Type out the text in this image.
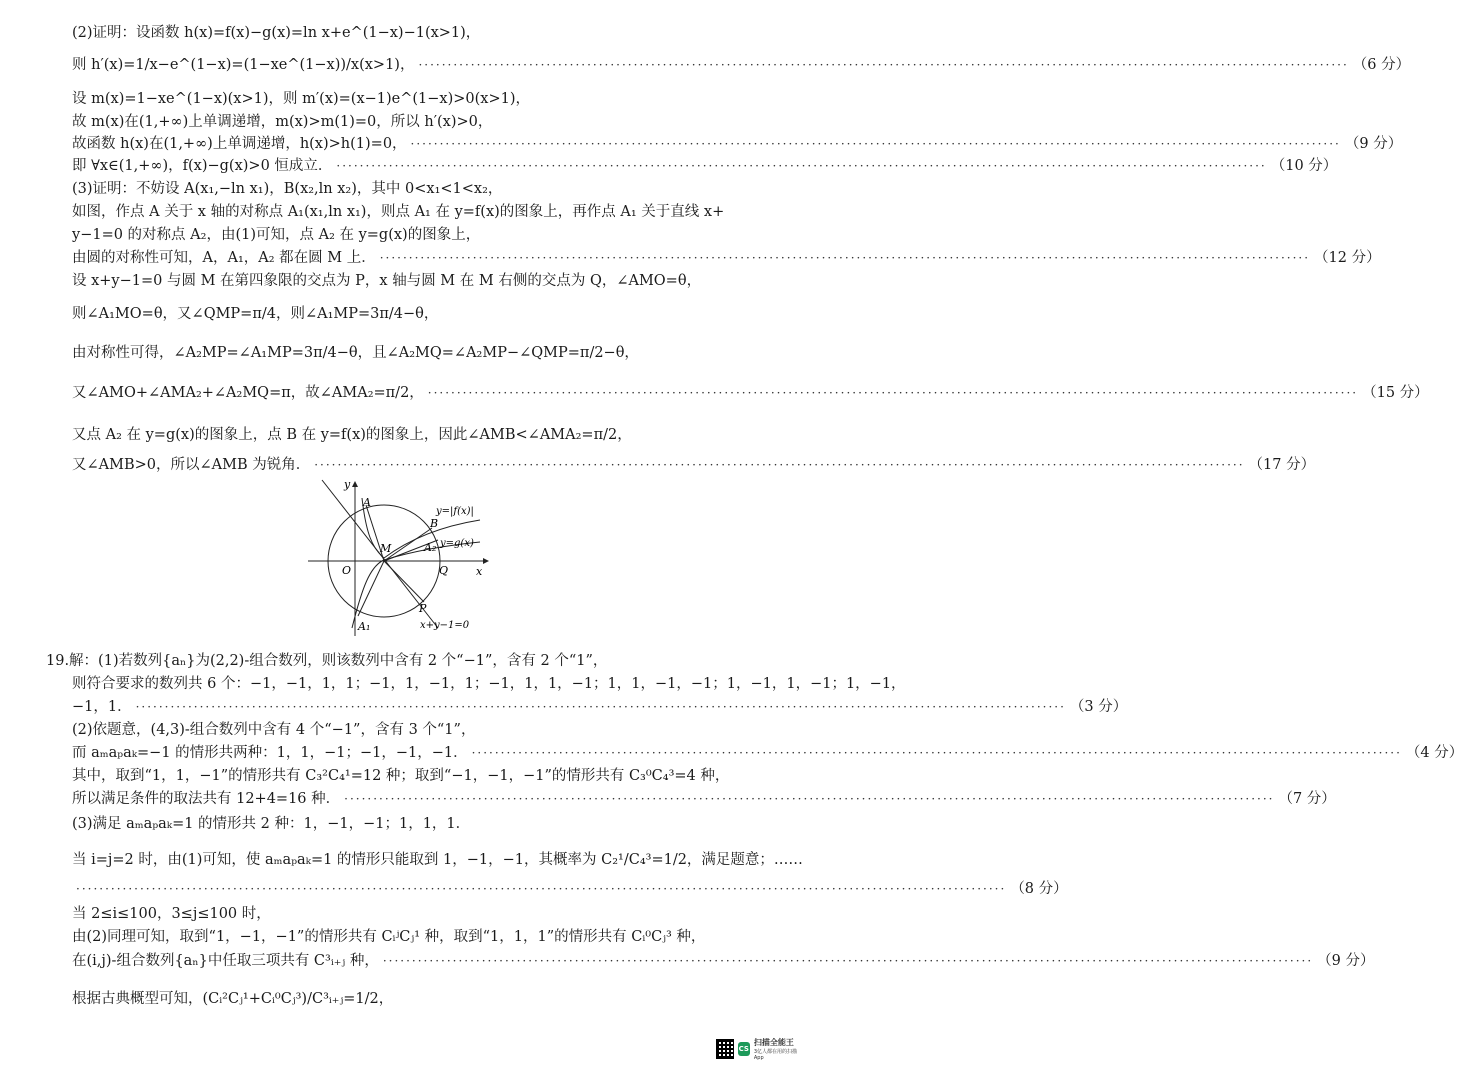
(2)证明：设函数 h(x)=f(x)−g(x)=ln x+e^(1−x)−1(x>1)，
则 h′(x)=1/x−e^(1−x)=(1−xe^(1−x))/x(x>1)， ·····	（6 分）
设 m(x)=1−xe^(1−x)(x>1)，则 m′(x)=(x−1)e^(1−x)>0(x>1)，
故 m(x)在(1,+∞)上单调递增，m(x)>m(1)=0，所以 h′(x)>0，
故函数 h(x)在(1,+∞)上单调递增，h(x)>h(1)=0， ·····	（9 分）
即 ∀x∈(1,+∞)，f(x)−g(x)>0 恒成立． ·····	（10 分）
(3)证明：不妨设 A(x₁,−ln x₁)，B(x₂,ln x₂)，其中 0<x₁<1<x₂，
如图，作点 A 关于 x 轴的对称点 A₁(x₁,ln x₁)，则点 A₁ 在 y=f(x)的图象上，再作点 A₁ 关于直线 x+
y−1=0 的对称点 A₂，由(1)可知，点 A₂ 在 y=g(x)的图象上，
由圆的对称性可知，A，A₁，A₂ 都在圆 M 上． ·····	（12 分）
设 x+y−1=0 与圆 M 在第四象限的交点为 P，x 轴与圆 M 在 M 右侧的交点为 Q，∠AMO=θ，
则∠A₁MO=θ，又∠QMP=π/4，则∠A₁MP=3π/4−θ，
由对称性可得，∠A₂MP=∠A₁MP=3π/4−θ，且∠A₂MQ=∠A₂MP−∠QMP=π/2−θ，
又∠AMO+∠AMA₂+∠A₂MQ=π，故∠AMA₂=π/2， ·····	（15 分）
又点 A₂ 在 y=g(x)的图象上，点 B 在 y=f(x)的图象上，因此∠AMB<∠AMA₂=π/2，
又∠AMB>0，所以∠AMB 为锐角． ·····	（17 分）
y
x
A
B
M	A₂
O	Q
P
A₁
y=|f(x)|
y=g(x)
x+y−1=0
19.解：(1)若数列{aₙ}为(2,2)-组合数列，则该数列中含有 2 个“−1”，含有 2 个“1”，
则符合要求的数列共 6 个：−1，−1，1，1；−1，1，−1，1；−1，1，1，−1；1，1，−1，−1；1，−1，1，−1；1，−1，
−1，1． ·····	（3 分）
(2)依题意，(4,3)-组合数列中含有 4 个“−1”，含有 3 个“1”，
而 aₘaₚaₖ=−1 的情形共两种：1，1，−1；−1，−1，−1． ·····	（4 分）
其中，取到“1，1，−1”的情形共有 C₃²C₄¹=12 种；取到“−1，−1，−1”的情形共有 C₃⁰C₄³=4 种，
所以满足条件的取法共有 12+4=16 种． ·····	（7 分）
(3)满足 aₘaₚaₖ=1 的情形共 2 种：1，−1，−1；1，1，1．
当 i=j=2 时，由(1)可知，使 aₘaₚaₖ=1 的情形只能取到 1，−1，−1，其概率为 C₂¹/C₄³=1/2，满足题意；……
·····
（8 分）
当 2≤i≤100，3≤j≤100 时，
由(2)同理可知，取到“1，−1，−1”的情形共有 CᵢʲCⱼ¹ 种，取到“1，1，1”的情形共有 Cᵢ⁰Cⱼ³ 种，
在(i,j)-组合数列{aₙ}中任取三项共有 C³ᵢ₊ⱼ 种， ·····	（9 分）
根据古典概型可知，(Cᵢ²Cⱼ¹+Cᵢ⁰Cⱼ³)/C³ᵢ₊ⱼ=1/2，
CS
扫描全能王
3亿人都在用的扫描App
